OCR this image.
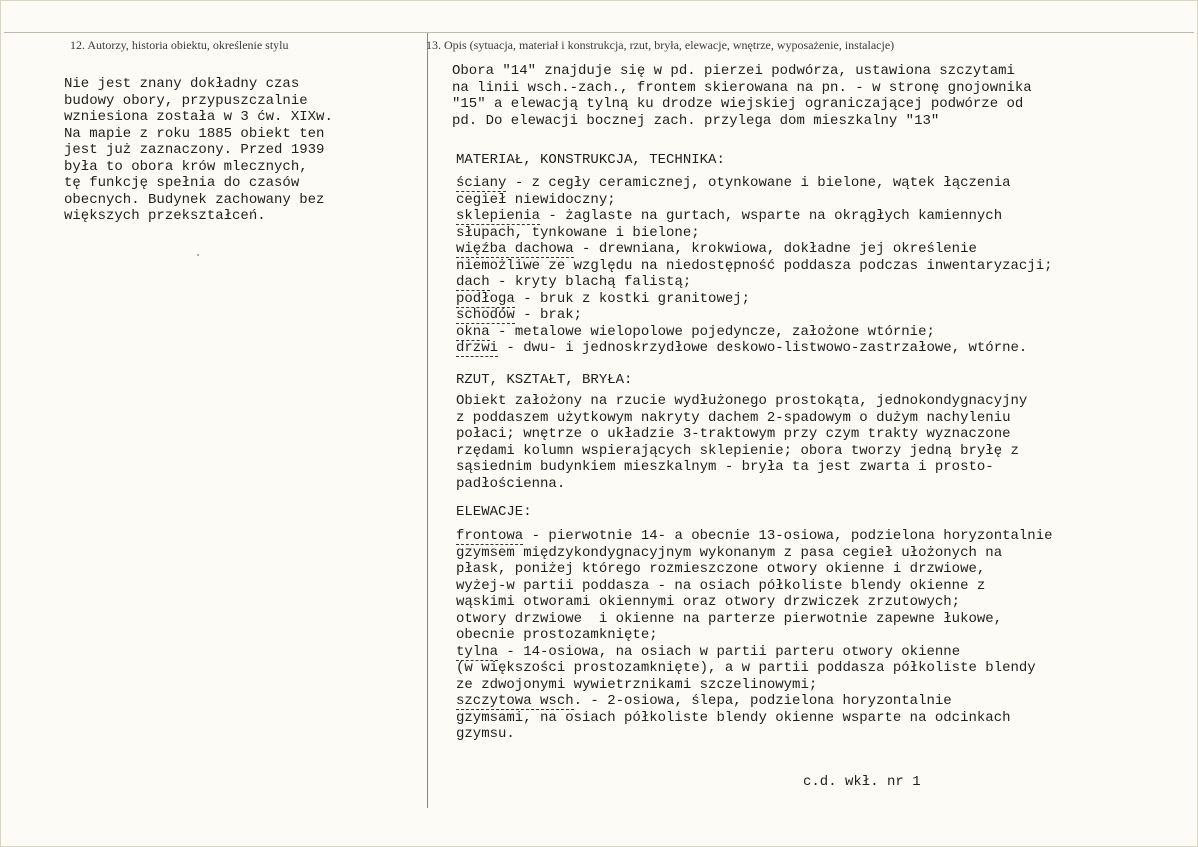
12. Autorzy, historia obiektu, określenie stylu	13. Opis (sytuacja, materiał i konstrukcja, rzut, bryła, elewacje, wnętrze, wyposażenie, instalacje)
Nie jest znany dokładny czas
budowy obory, przypuszczalnie
wzniesiona została w 3 ćw. XIXw.
Na mapie z roku 1885 obiekt ten
jest już zaznaczony. Przed 1939
była to obora krów mlecznych,
tę funkcję spełnia do czasów
obecnych. Budynek zachowany bez
większych przekształceń.
Obora "14" znajduje się w pd. pierzei podwórza, ustawiona szczytami
na linii wsch.-zach., frontem skierowana na pn. - w stronę gnojownika
"15" a elewacją tylną ku drodze wiejskiej ograniczającej podwórze od
pd. Do elewacji bocznej zach. przylega dom mieszkalny "13"
MATERIAŁ, KONSTRUKCJA, TECHNIKA:
ściany - z cegły ceramicznej, otynkowane i bielone, wątek łączenia
cegieł niewidoczny;
sklepienia - żaglaste na gurtach, wsparte na okrągłych kamiennych
słupach, tynkowane i bielone;
więźba dachowa - drewniana, krokwiowa, dokładne jej określenie
niemożliwe ze względu na niedostępność poddasza podczas inwentaryzacji;
dach - kryty blachą falistą;
podłoga - bruk z kostki granitowej;
schodów - brak;
okna - metalowe wielopolowe pojedyncze, założone wtórnie;
drzwi - dwu- i jednoskrzydłowe deskowo-listwowo-zastrzałowe, wtórne.
RZUT, KSZTAŁT, BRYŁA:
Obiekt założony na rzucie wydłużonego prostokąta, jednokondygnacyjny
z poddaszem użytkowym nakryty dachem 2-spadowym o dużym nachyleniu
połaci; wnętrze o układzie 3-traktowym przy czym trakty wyznaczone
rzędami kolumn wspierających sklepienie; obora tworzy jedną bryłę z
sąsiednim budynkiem mieszkalnym - bryła ta jest zwarta i prosto-
padłościenna.
ELEWACJE:
frontowa - pierwotnie 14- a obecnie 13-osiowa, podzielona horyzontalnie
gzymsem międzykondygnacyjnym wykonanym z pasa cegieł ułożonych na
płask, poniżej którego rozmieszczone otwory okienne i drzwiowe,
wyżej-w partii poddasza - na osiach półkoliste blendy okienne z
wąskimi otworami okiennymi oraz otwory drzwiczek zrzutowych;
otwory drzwiowe  i okienne na parterze pierwotnie zapewne łukowe,
obecnie prostozamknięte;
tylna - 14-osiowa, na osiach w partii parteru otwory okienne
(w większości prostozamknięte), a w partii poddasza półkoliste blendy
ze zdwojonymi wywietrznikami szczelinowymi;
szczytowa wsch. - 2-osiowa, ślepa, podzielona horyzontalnie
gzymsami, na osiach półkoliste blendy okienne wsparte na odcinkach
gzymsu.
c.d. wkł. nr 1
